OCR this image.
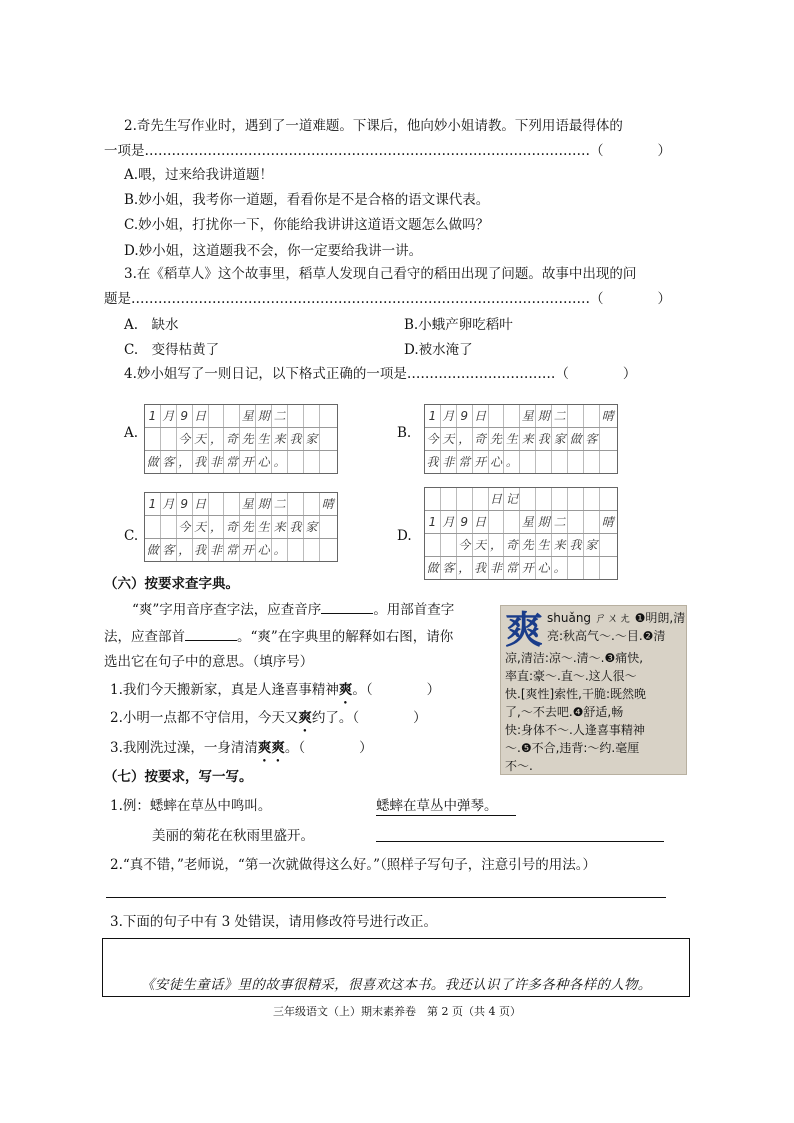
2.奇先生写作业时，遇到了一道难题。下课后，他向妙小姐请教。下列用语最得体的
一项是………………………………………………………………………………………（　　　　）
A.喂，过来给我讲道题！
B.妙小姐，我考你一道题，看看你是不是合格的语文课代表。
C.妙小姐，打扰你一下，你能给我讲讲这道语文题怎么做吗？
D.妙小姐，这道题我不会，你一定要给我讲一讲。
3.在《稻草人》这个故事里，稻草人发现自己看守的稻田出现了问题。故事中出现的问
题是…………………………………………………………………………………………（　　　　）
A.　缺水	B.小蛾产卵吃稻叶
C.　变得枯黄了	D.被水淹了
4.妙小姐写了一则日记，以下格式正确的一项是……………………………（　　　　）
A.
1 月 9 日	星 期 二
今 天 ， 奇 先 生 来 我 家
做 客 ， 我 非 常 开 心 。
B.
1 月 9 日	星 期 二	晴
今 天 ， 奇 先 生 来 我 家 做 客
我 非 常 开 心 。
C.
1 月 9 日	星 期 二	晴
今 天 ， 奇 先 生 来 我 家
做 客 ， 我 非 常 开 心 。
D.
日 记
1 月 9 日	星 期 二	晴
今 天 ， 奇 先 生 来 我 家
做 客 ， 我 非 常 开 心 。
（六）按要求查字典。
“爽”字用音序查字法，应查音序	。用部首查字
法，应查部首	。“爽”在字典里的解释如右图，请你
选出它在句子中的意思。（填序号）
1.我们今天搬新家，真是人逢喜事精神爽。（　　　　）
2.小明一点都不守信用，今天又爽约了。（　　　　）
3.我刚洗过澡，一身清清爽爽。（　　　　）
爽 shuǎng ㄕㄨㄤ ❶明朗,清
亮:秋高气～.～目.❷清
凉,清洁:凉～.清～.❸痛快,
率直:豪～.直～.这人很～
快.[爽性]索性,干脆:既然晚
了,～不去吧.❹舒适,畅
快:身体不～.人逢喜事精神
～.❺不合,违背:～约.毫厘
不～.
（七）按要求，写一写。
1.例：蟋蟀在草丛中鸣叫。	蟋蟀在草丛中弹琴。
美丽的菊花在秋雨里盛开。
2.“真不错，”老师说，“第一次就做得这么好。”（照样子写句子，注意引号的用法。）
3.下面的句子中有 3 处错误，请用修改符号进行改正。
《安徒生童话》里的故事很精采，很喜欢这本书。我还认识了许多各种各样的人物。
三年级语文（上）期末素养卷　第 2 页（共 4 页）
